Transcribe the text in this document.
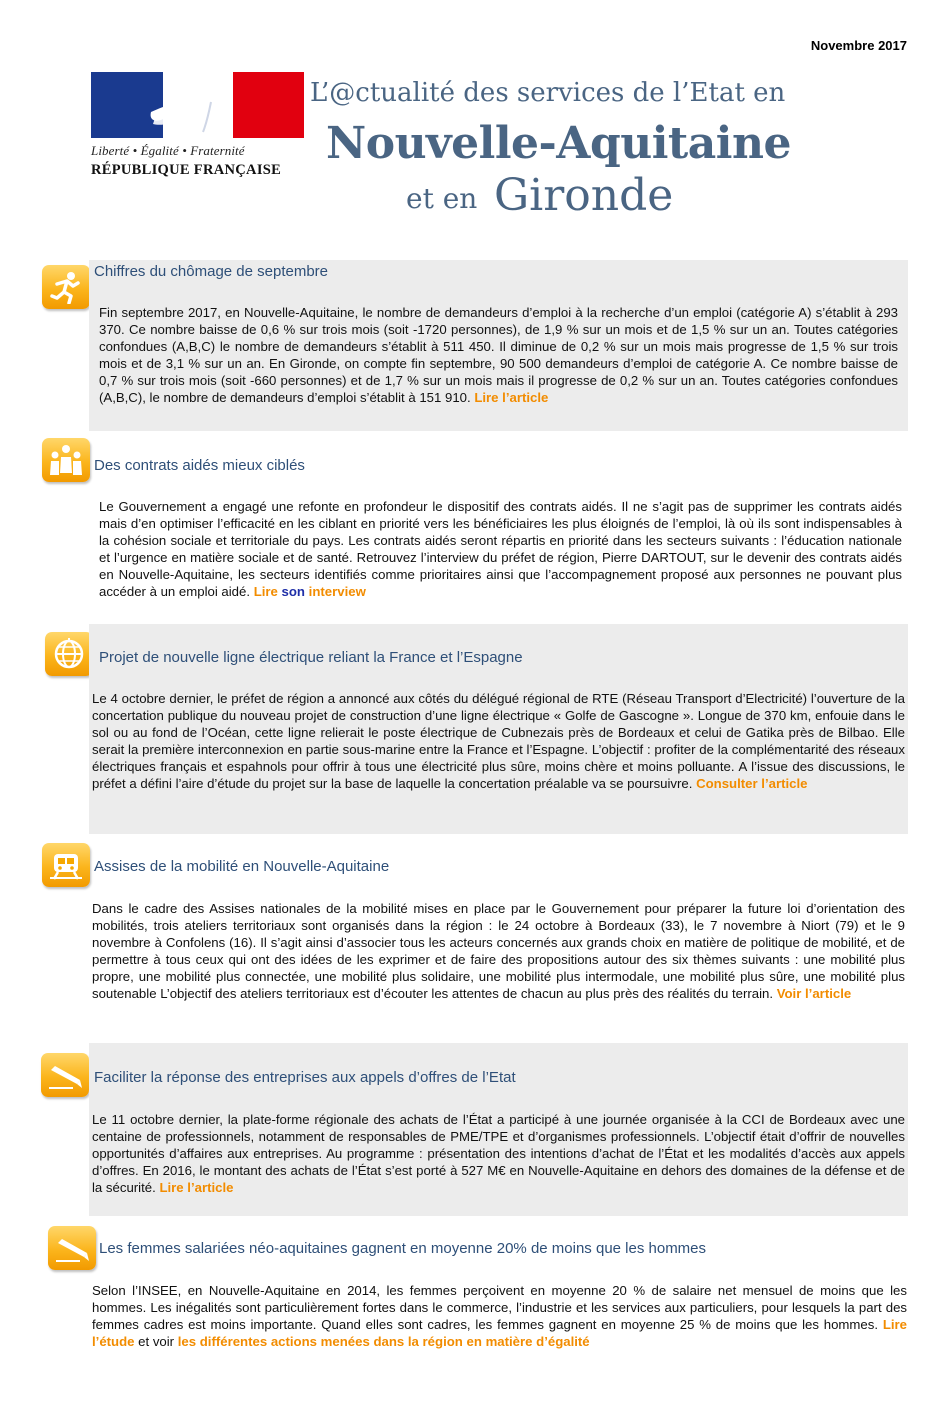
Novembre 2017
Liberté • Égalité • Fraternité
RÉPUBLIQUE FRANÇAISE
L’@ctualité des services de l’Etat en
Nouvelle-Aquitaine
et en Gironde
Chiffres du chômage de septembre
Fin septembre 2017, en Nouvelle-Aquitaine, le nombre de demandeurs d’emploi à la recherche d’un emploi (catégorie A) s’établit à 293 370. Ce nombre baisse de 0,6 % sur trois mois (soit -1720 personnes), de 1,9 % sur un mois et de 1,5 % sur un an. Toutes catégories confondues (A,B,C) le nombre de demandeurs s’établit à 511 450. Il diminue de 0,2 % sur un mois mais progresse de 1,5 % sur trois mois et de 3,1 % sur un an. En Gironde, on compte fin septembre, 90 500 demandeurs d’emploi de catégorie A. Ce nombre baisse de 0,7 % sur trois mois (soit -660 personnes) et de 1,7 % sur un mois mais il progresse de 0,2 % sur un an. Toutes catégories confondues (A,B,C), le nombre de demandeurs d’emploi s’établit à 151 910. Lire l’article
Des contrats aidés mieux ciblés
Le Gouvernement a engagé une refonte en profondeur le dispositif des contrats aidés. Il ne s’agit pas de supprimer les contrats aidés mais d’en optimiser l’efficacité en les ciblant en priorité vers les bénéficiaires les plus éloignés de l’emploi, là où ils sont indispensables à la cohésion sociale et territoriale du pays. Les contrats aidés seront répartis en priorité dans les secteurs suivants : l’éducation nationale et l’urgence en matière sociale et de santé. Retrouvez l’interview du préfet de région, Pierre DARTOUT, sur le devenir des contrats aidés en Nouvelle-Aquitaine, les secteurs identifiés comme prioritaires ainsi que l’accompagnement proposé aux personnes ne pouvant plus accéder à un emploi aidé. Lire son interview
Projet de nouvelle ligne électrique reliant la France et l’Espagne
Le 4 octobre dernier, le préfet de région a annoncé aux côtés du délégué régional de RTE (Réseau Transport d’Electricité) l’ouverture de la concertation publique du nouveau projet de construction d’une ligne électrique « Golfe de Gascogne ». Longue de 370 km, enfouie dans le sol ou au fond de l’Océan, cette ligne relierait le poste électrique de Cubnezais près de Bordeaux et celui de Gatika près de Bilbao. Elle serait la première interconnexion en partie sous-marine entre la France et l’Espagne. L’objectif : profiter de la complémentarité des réseaux électriques français et espahnols pour offrir à tous une électricité plus sûre, moins chère et moins polluante. A l’issue des discussions, le préfet a défini l’aire d’étude du projet sur la base de laquelle la concertation préalable va se poursuivre. Consulter l’article
Assises de la mobilité en Nouvelle-Aquitaine
Dans le cadre des Assises nationales de la mobilité mises en place par le Gouvernement pour préparer la future loi d’orientation des mobilités, trois ateliers territoriaux sont organisés dans la région : le 24 octobre à Bordeaux (33), le 7 novembre à Niort (79) et le 9 novembre à Confolens (16). Il s’agit ainsi d’associer tous les acteurs concernés aux grands choix en matière de politique de mobilité, et de permettre à tous ceux qui ont des idées de les exprimer et de faire des propositions autour des six thèmes suivants : une mobilité plus propre, une mobilité plus connectée, une mobilité plus solidaire, une mobilité plus intermodale, une mobilité plus sûre, une mobilité plus soutenable L’objectif des ateliers territoriaux est d’écouter les attentes de chacun au plus près des réalités du terrain. Voir l’article
Faciliter la réponse des entreprises aux appels d’offres de l’Etat
Le 11 octobre dernier, la plate-forme régionale des achats de l’État a participé à une journée organisée à la CCI de Bordeaux avec une centaine de professionnels, notamment de responsables de PME/TPE et d’organismes professionnels. L’objectif était d’offrir de nouvelles opportunités d’affaires aux entreprises. Au programme : présentation des intentions d’achat de l’État et les modalités d’accès aux appels d’offres. En 2016, le montant des achats de l’État s’est porté à 527 M€ en Nouvelle-Aquitaine en dehors des domaines de la défense et de la sécurité. Lire l’article
Les femmes salariées néo-aquitaines gagnent en moyenne 20% de moins que les hommes
Selon l’INSEE, en Nouvelle-Aquitaine en 2014, les femmes perçoivent en moyenne 20 % de salaire net mensuel de moins que les hommes. Les inégalités sont particulièrement fortes dans le commerce, l’industrie et les services aux particuliers, pour lesquels la part des femmes cadres est moins importante. Quand elles sont cadres, les femmes gagnent en moyenne 25 % de moins que les hommes. Lire l’étude et voir les différentes actions menées dans la région en matière d’égalité
